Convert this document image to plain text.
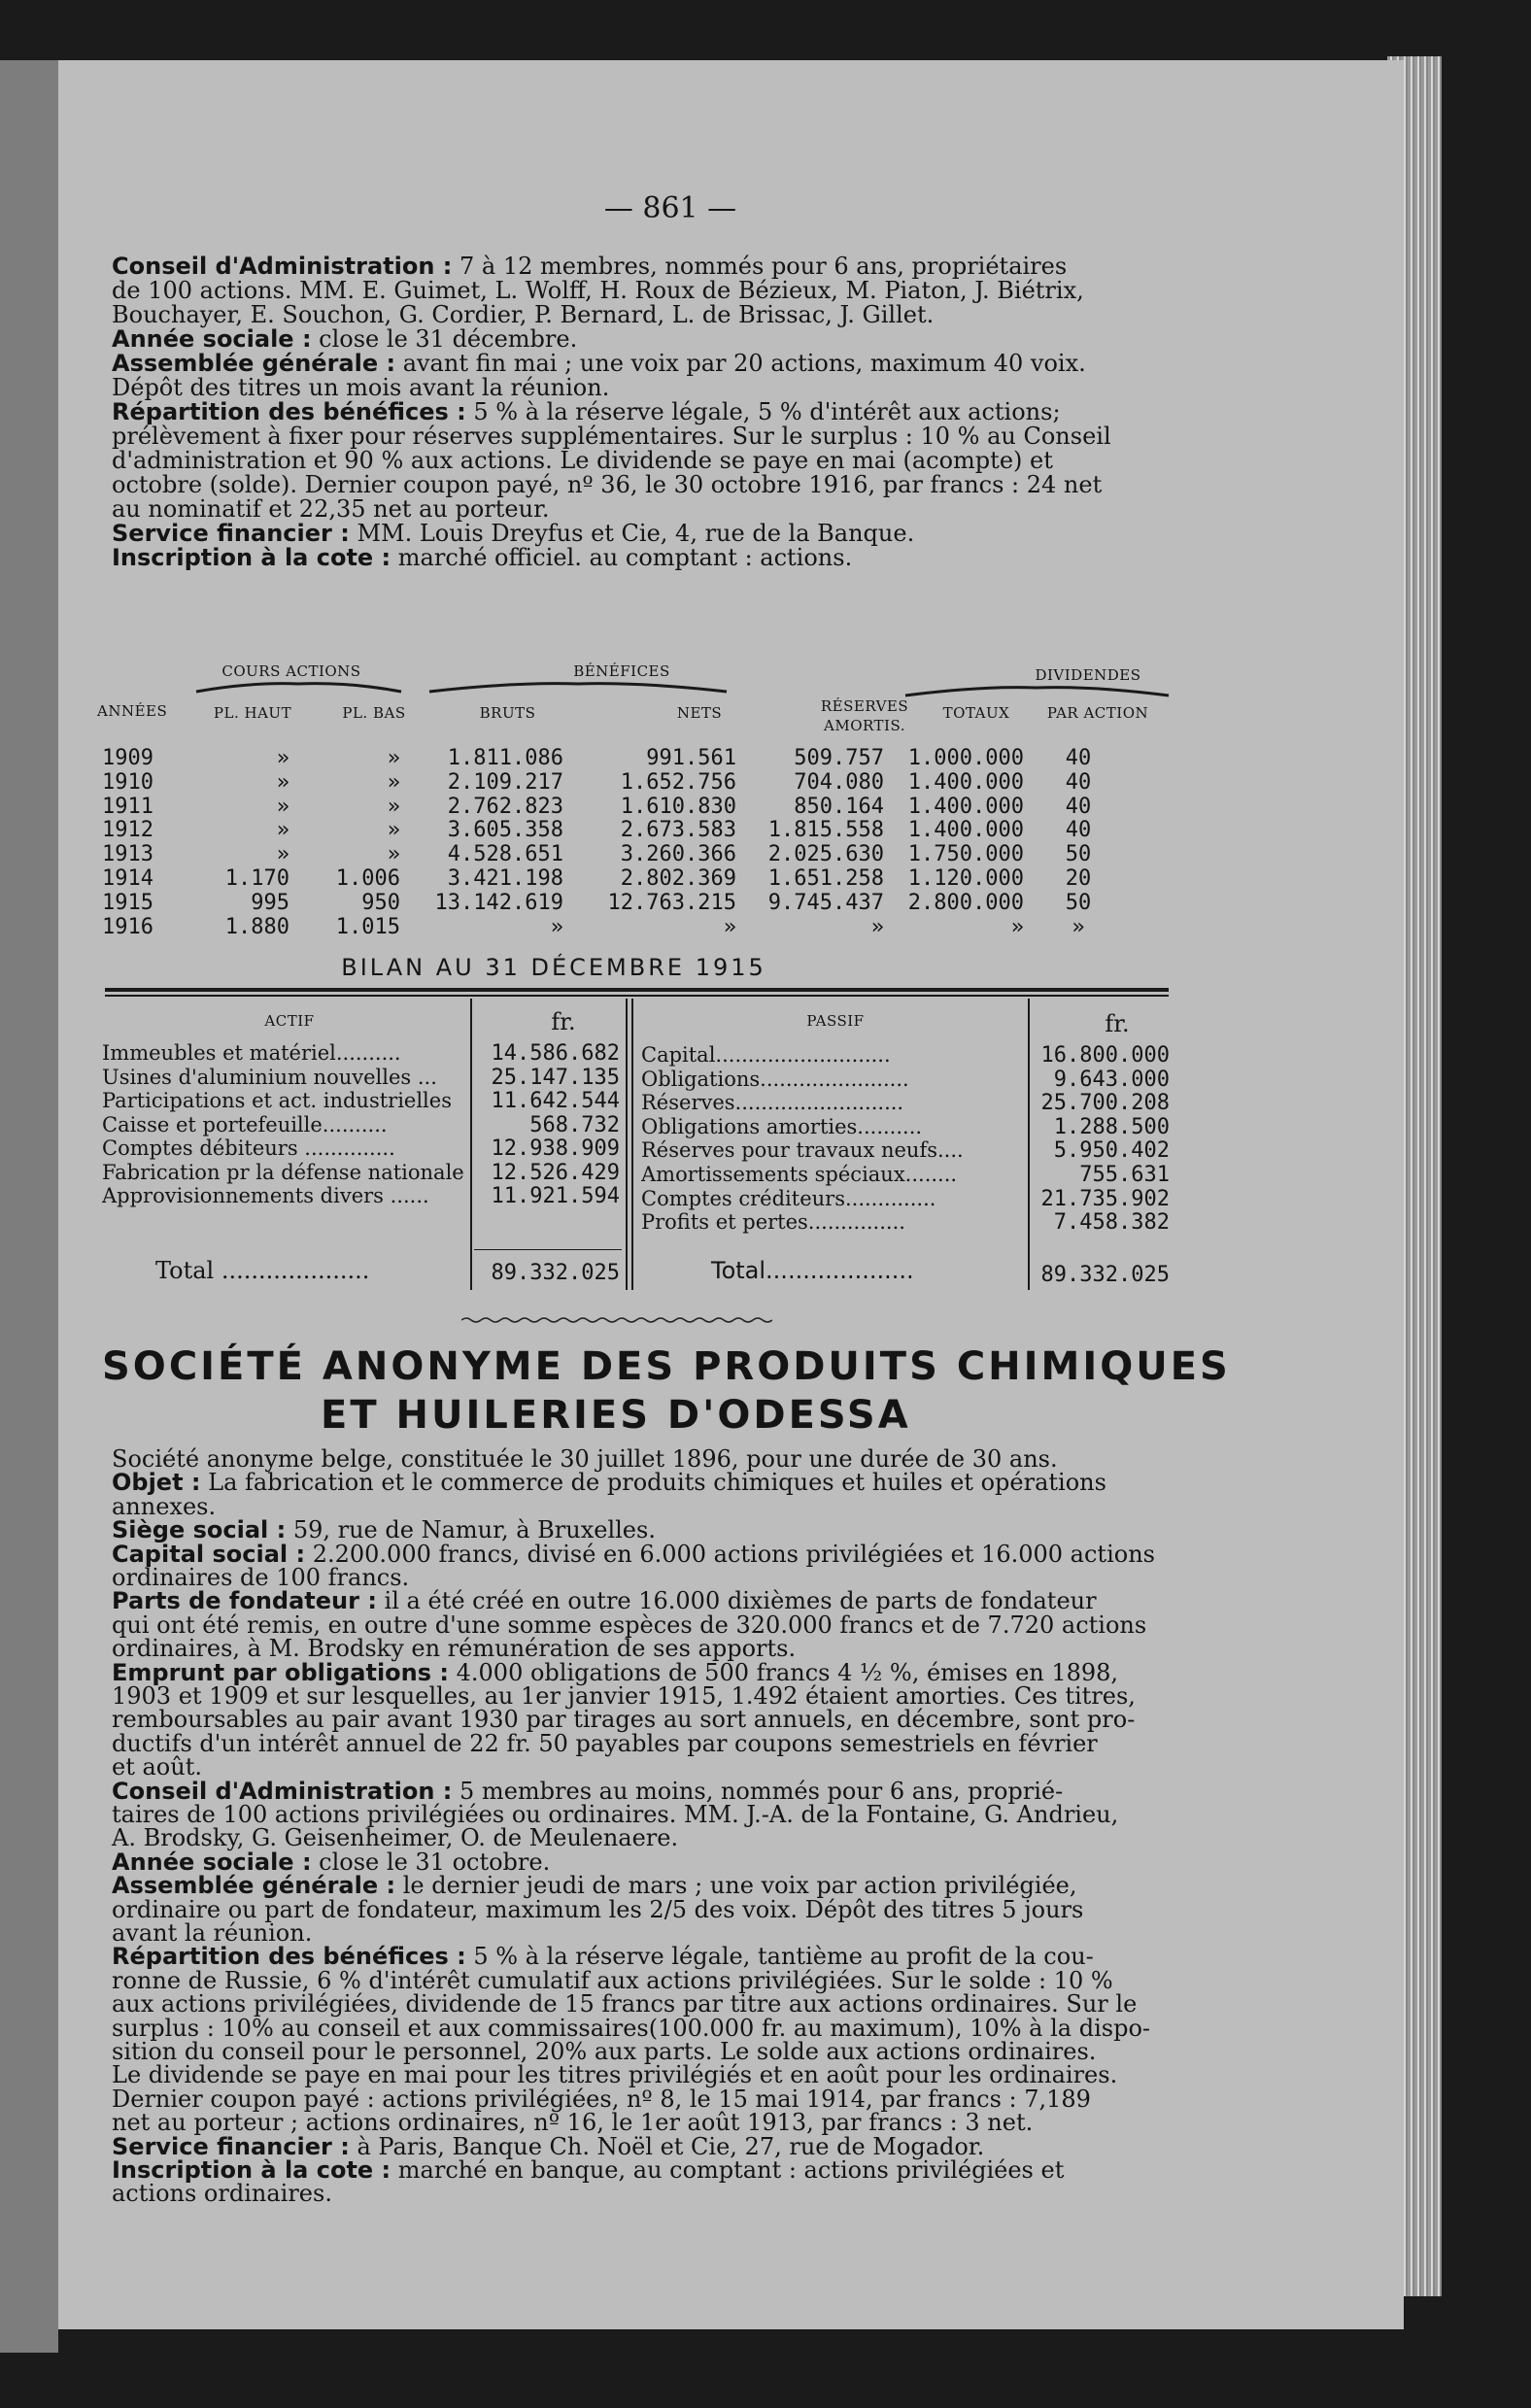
— 861 —
Conseil d'Administration : 7 à 12 membres, nommés pour 6 ans, propriétaires
de 100 actions. MM. E. Guimet, L. Wolff, H. Roux de Bézieux, M. Piaton, J. Biétrix,
Bouchayer, E. Souchon, G. Cordier, P. Bernard, L. de Brissac, J. Gillet.
Année sociale : close le 31 décembre.
Assemblée générale : avant fin mai ; une voix par 20 actions, maximum 40 voix.
Dépôt des titres un mois avant la réunion.
Répartition des bénéfices : 5 % à la réserve légale, 5 % d'intérêt aux actions;
prélèvement à fixer pour réserves supplémentaires. Sur le surplus : 10 % au Conseil
d'administration et 90 % aux actions. Le dividende se paye en mai (acompte) et
octobre (solde). Dernier coupon payé, nº 36, le 30 octobre 1916, par francs : 24 net
au nominatif et 22,35 net au porteur.
Service financier : MM. Louis Dreyfus et Cie, 4, rue de la Banque.
Inscription à la cote : marché officiel. au comptant : actions.
COURS ACTIONS	BÉNÉFICES	DIVIDENDES
BILAN AU 31 DÉCEMBRE 1915
ACTIF	fr.	PASSIF	fr.
Total ....................	89.332.025	Total....................	89.332.025
SOCIÉTÉ ANONYME DES PRODUITS CHIMIQUES
ET HUILERIES D'ODESSA
Société anonyme belge, constituée le 30 juillet 1896, pour une durée de 30 ans.
Objet : La fabrication et le commerce de produits chimiques et huiles et opérations
annexes.
Siège social : 59, rue de Namur, à Bruxelles.
Capital social : 2.200.000 francs, divisé en 6.000 actions privilégiées et 16.000 actions
ordinaires de 100 francs.
Parts de fondateur : il a été créé en outre 16.000 dixièmes de parts de fondateur
qui ont été remis, en outre d'une somme espèces de 320.000 francs et de 7.720 actions
ordinaires, à M. Brodsky en rémunération de ses apports.
Emprunt par obligations : 4.000 obligations de 500 francs 4 ½ %, émises en 1898,
1903 et 1909 et sur lesquelles, au 1er janvier 1915, 1.492 étaient amorties. Ces titres,
remboursables au pair avant 1930 par tirages au sort annuels, en décembre, sont pro-
ductifs d'un intérêt annuel de 22 fr. 50 payables par coupons semestriels en février
et août.
Conseil d'Administration : 5 membres au moins, nommés pour 6 ans, proprié-
taires de 100 actions privilégiées ou ordinaires. MM. J.-A. de la Fontaine, G. Andrieu,
A. Brodsky, G. Geisenheimer, O. de Meulenaere.
Année sociale : close le 31 octobre.
Assemblée générale : le dernier jeudi de mars ; une voix par action privilégiée,
ordinaire ou part de fondateur, maximum les 2/5 des voix. Dépôt des titres 5 jours
avant la réunion.
Répartition des bénéfices : 5 % à la réserve légale, tantième au profit de la cou-
ronne de Russie, 6 % d'intérêt cumulatif aux actions privilégiées. Sur le solde : 10 %
aux actions privilégiées, dividende de 15 francs par titre aux actions ordinaires. Sur le
surplus : 10% au conseil et aux commissaires(100.000 fr. au maximum), 10% à la dispo-
sition du conseil pour le personnel, 20% aux parts. Le solde aux actions ordinaires.
Le dividende se paye en mai pour les titres privilégiés et en août pour les ordinaires.
Dernier coupon payé : actions privilégiées, nº 8, le 15 mai 1914, par francs : 7,189
net au porteur ; actions ordinaires, nº 16, le 1er août 1913, par francs : 3 net.
Service financier : à Paris, Banque Ch. Noël et Cie, 27, rue de Mogador.
Inscription à la cote : marché en banque, au comptant : actions privilégiées et
actions ordinaires.
ANNÉES	PL. HAUT	PL. BAS	BRUTS	NETS	RÉSERVES AMORTIS.
TOTAUX	PAR ACTION
1909	»	»	1.811.086	991.561	509.757	1.000.000	40
1910	»	»	2.109.217	1.652.756	704.080	1.400.000	40
1911	»	»	2.762.823	1.610.830	850.164	1.400.000	40
1912	»	»	3.605.358	2.673.583	1.815.558	1.400.000	40
1913	»	»	4.528.651	3.260.366	2.025.630	1.750.000	50
1914	1.170	1.006	3.421.198	2.802.369	1.651.258	1.120.000	20
1915	995	950	13.142.619	12.763.215	9.745.437	2.800.000	50
1916	1.880	1.015	»	»	»	»	»
Immeubles et matériel..........	14.586.682
Usines d'aluminium nouvelles ...	25.147.135
Participations et act. industrielles	11.642.544
Caisse et portefeuille..........	568.732
Comptes débiteurs ..............	12.938.909
Fabrication pr la défense nationale	12.526.429
Approvisionnements divers ......	11.921.594
Capital...........................	16.800.000
Obligations.......................	9.643.000
Réserves..........................	25.700.208
Obligations amorties..........	1.288.500
Réserves pour travaux neufs....	5.950.402
Amortissements spéciaux........	755.631
Comptes créditeurs..............	21.735.902
Profits et pertes...............	7.458.382
